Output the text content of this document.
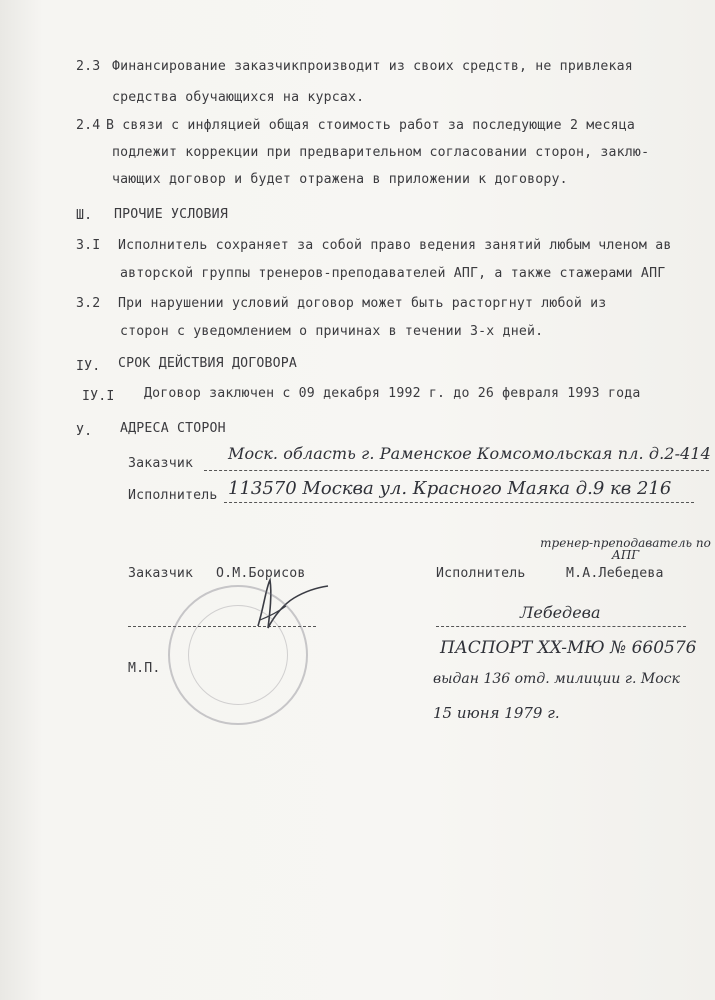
2.3 Финансирование заказчикпроизводит из своих средств, не привлекая
средства обучающихся на курсах.
2.4 В связи с инфляцией общая стоимость работ за последующие 2 месяца
подлежит коррекции при предварительном согласовании сторон, заклю-
чающих договор и будет отражена в приложении к договору.
Ш. ПРОЧИЕ УСЛОВИЯ
3.I Исполнитель сохраняет за собой право ведения занятий любым членом ав
авторской группы тренеров-преподавателей АПГ, а также стажерами АПГ
3.2 При нарушении условий договор может быть расторгнут любой из
сторон с уведомлением о причинах в течении 3-х дней.
IУ. СРОК ДЕЙСТВИЯ ДОГОВОРА
IУ.I Договор заключен с 09 декабря 1992 г. до 26 февраля 1993 года
У. АДРЕСА СТОРОН
Заказчик
Моск. область г. Раменское Комсомольская пл. д.2-414
Исполнитель 113570 Москва ул. Красного Маяка д.9 кв 216
Заказчик О.М.Борисов
М.П.
тренер-преподаватель по АПГ
Исполнитель	М.А.Лебедева
Лебедева
ПАСПОРТ XX-МЮ № 660576
выдан 136 отд. милиции г. Моск
15 июня 1979 г.
